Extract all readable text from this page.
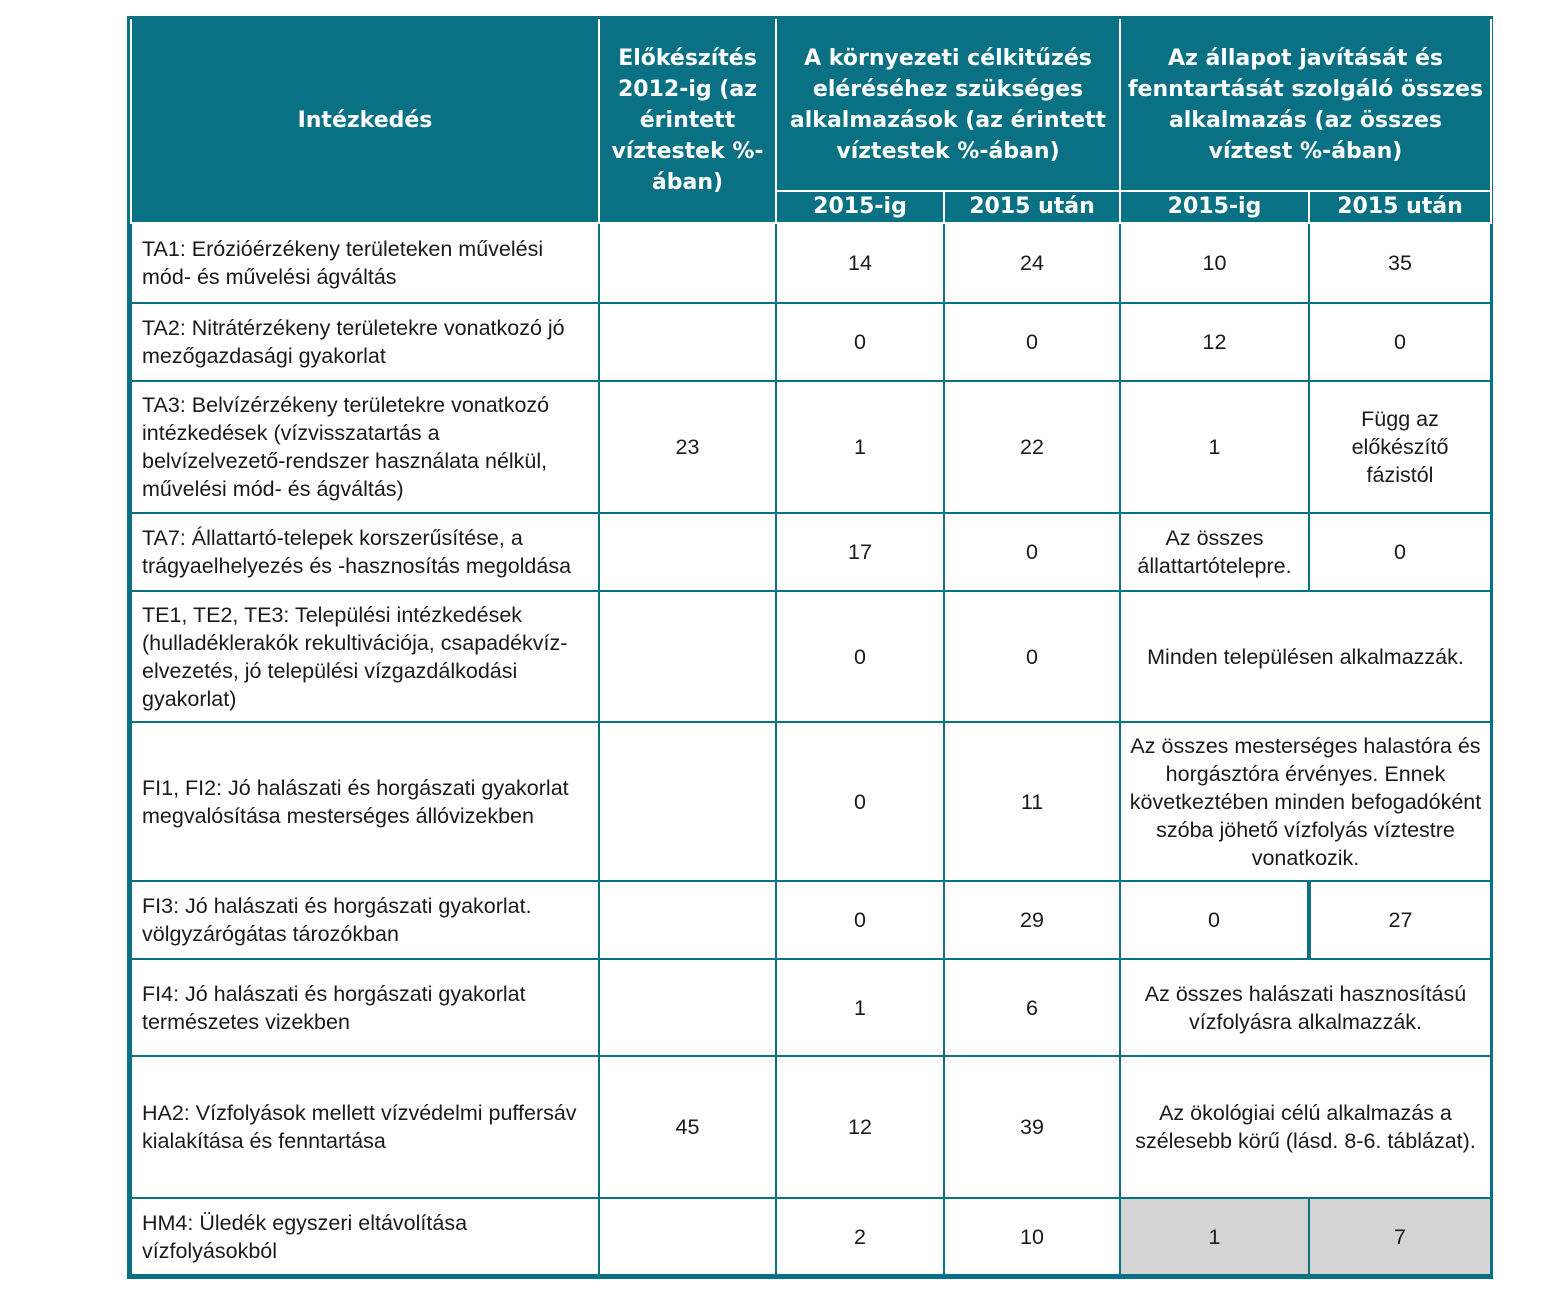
Intézkedés	Előkészítés 2012-ig (az érintett víztestek %-ában)	A környezeti célkitűzés eléréséhez szükséges alkalmazások (az érintett víztestek %-ában)		Az állapot javítását és fenntartását szolgáló összes alkalmazás (az összes víztest %-ában)	
		2015-ig	2015 után	2015-ig	2015 után
TA1: Erózióérzékeny területeken művelési mód- és művelési ágváltás		14	24	10	35
TA2: Nitrátérzékeny területekre vonatkozó jó mezőgazdasági gyakorlat		0	0	12	0
TA3: Belvízérzékeny területekre vonatkozó intézkedések (vízvisszatartás a belvízelvezető-rendszer használata nélkül, művelési mód- és ágváltás)	23	1	22	1	Függ az előkészítő fázistól
TA7: Állattartó-telepek korszerűsítése, a trágyaelhelyezés és -hasznosítás megoldása		17	0	Az összes állattartótelepre.	0
TE1, TE2, TE3: Települési intézkedések (hulladéklerakók rekultivációja, csapadékvíz-elvezetés, jó települési vízgazdálkodási gyakorlat)		0	0	Minden településen alkalmazzák.	
FI1, FI2: Jó halászati és horgászati gyakorlat megvalósítása mesterséges állóvizekben		0	11	Az összes mesterséges halastóra és horgásztóra érvényes. Ennek következtében minden befogadóként szóba jöhető vízfolyás víztestre vonatkozik.	
FI3: Jó halászati és horgászati gyakorlat. völgyzárógátas tározókban		0	29	0	27
FI4: Jó halászati és horgászati gyakorlat természetes vizekben		1	6	Az összes halászati hasznosítású vízfolyásra alkalmazzák.	
HA2: Vízfolyások mellett vízvédelmi puffersáv kialakítása és fenntartása	45	12	39	Az ökológiai célú alkalmazás a szélesebb körű (lásd. 8-6. táblázat).	
HM4: Üledék egyszeri eltávolítása vízfolyásokból		2	10	1	7
